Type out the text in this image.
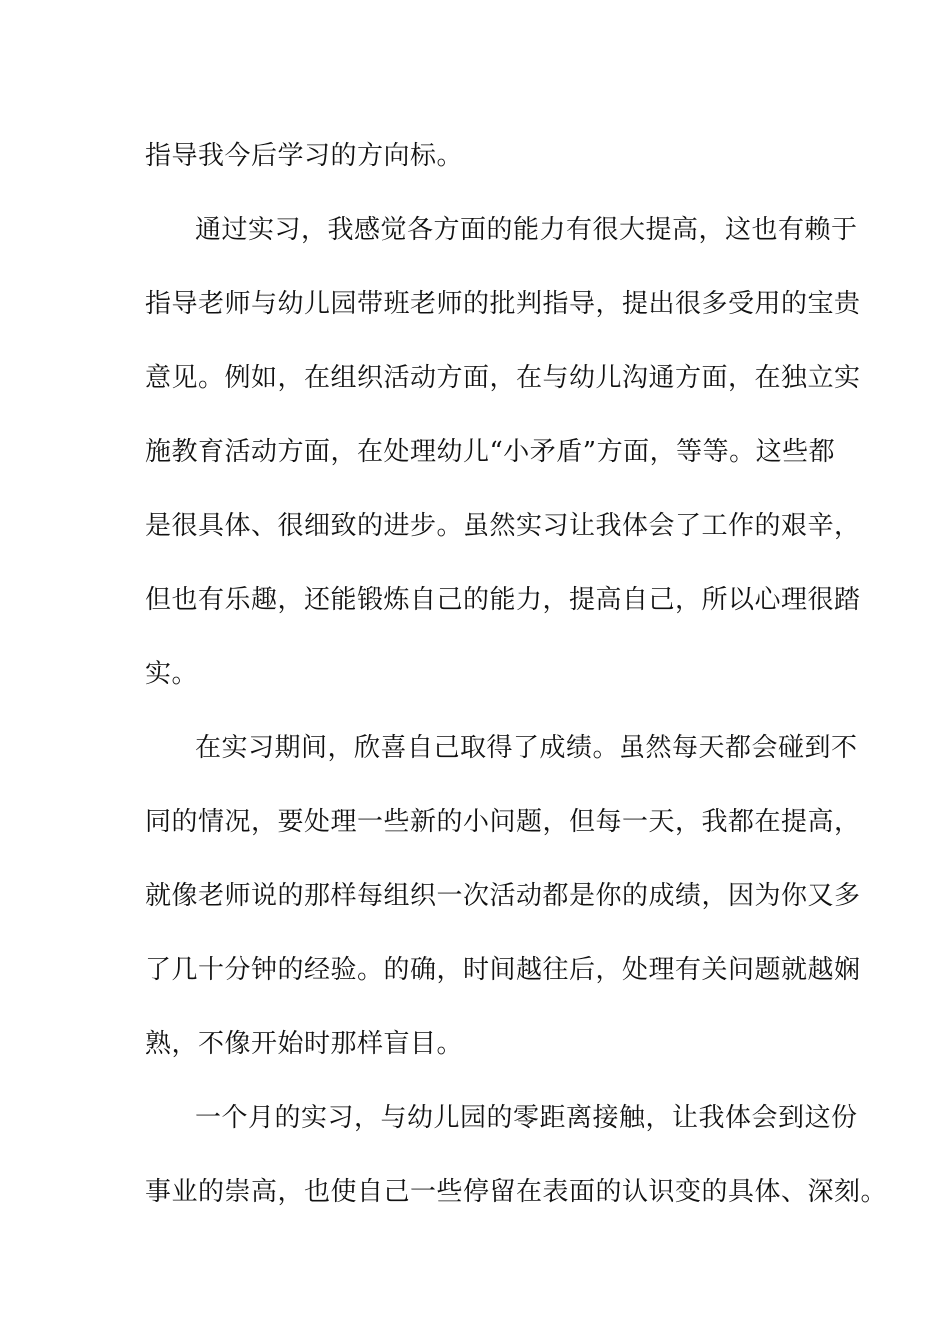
指导我今后学习的方向标。
通过实习，我感觉各方面的能力有很大提高，这也有赖于
指导老师与幼儿园带班老师的批判指导，提出很多受用的宝贵
意见。例如，在组织活动方面，在与幼儿沟通方面，在独立实
施教育活动方面，在处理幼儿“小矛盾”方面，等等。这些都
是很具体、很细致的进步。虽然实习让我体会了工作的艰辛，
但也有乐趣，还能锻炼自己的能力，提高自己，所以心理很踏
实。
在实习期间，欣喜自己取得了成绩。虽然每天都会碰到不
同的情况，要处理一些新的小问题，但每一天，我都在提高，
就像老师说的那样每组织一次活动都是你的成绩，因为你又多
了几十分钟的经验。的确，时间越往后，处理有关问题就越娴
熟，不像开始时那样盲目。
一个月的实习，与幼儿园的零距离接触，让我体会到这份
事业的崇高，也使自己一些停留在表面的认识变的具体、深刻。
